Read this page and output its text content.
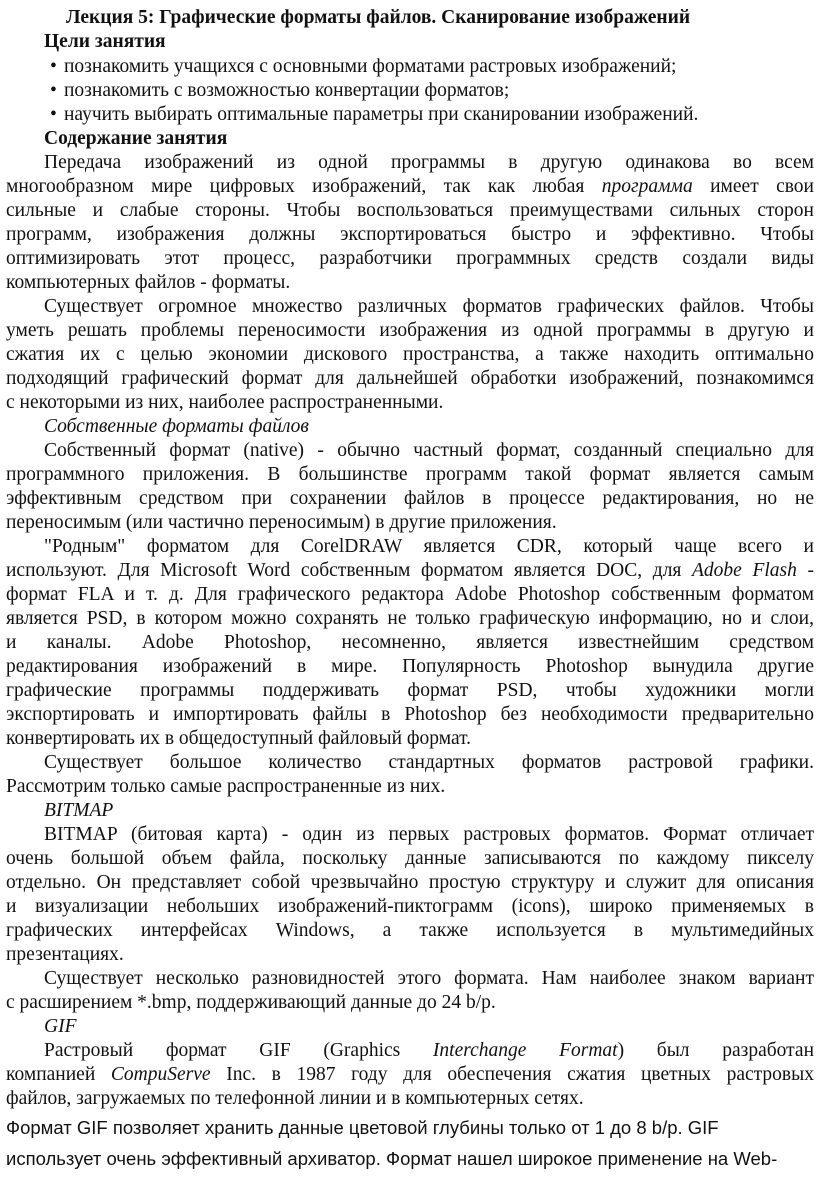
Лекция 5: Графические форматы файлов. Сканирование изображений
Цели занятия
• познакомить учащихся с основными форматами растровых изображений;
• познакомить с возможностью конвертации форматов;
• научить выбирать оптимальные параметры при сканировании изображений.
Содержание занятия
Передача изображений из одной программы в другую одинакова во всем
многообразном мире цифровых изображений, так как любая программа имеет свои
сильные и слабые стороны. Чтобы воспользоваться преимуществами сильных сторон
программ, изображения должны экспортироваться быстро и эффективно. Чтобы
оптимизировать этот процесс, разработчики программных средств создали виды
компьютерных файлов - форматы.
Существует огромное множество различных форматов графических файлов. Чтобы
уметь решать проблемы переносимости изображения из одной программы в другую и
сжатия их с целью экономии дискового пространства, а также находить оптимально
подходящий графический формат для дальнейшей обработки изображений, познакомимся
с некоторыми из них, наиболее распространенными.
Собственные форматы файлов
Собственный формат (native) - обычно частный формат, созданный специально для
программного приложения. В большинстве программ такой формат является самым
эффективным средством при сохранении файлов в процессе редактирования, но не
переносимым (или частично переносимым) в другие приложения.
"Родным" форматом для CorelDRAW является CDR, который чаще всего и
используют. Для Microsoft Word собственным форматом является DOC, для Adobe Flash -
формат FLA и т. д. Для графического редактора Adobe Photoshop собственным форматом
является PSD, в котором можно сохранять не только графическую информацию, но и слои,
и каналы. Adobe Photoshop, несомненно, является известнейшим средством
редактирования изображений в мире. Популярность Photoshop вынудила другие
графические программы поддерживать формат PSD, чтобы художники могли
экспортировать и импортировать файлы в Photoshop без необходимости предварительно
конвертировать их в общедоступный файловый формат.
Существует большое количество стандартных форматов растровой графики.
Рассмотрим только самые распространенные из них.
BITMAP
BITMAP (битовая карта) - один из первых растровых форматов. Формат отличает
очень большой объем файла, поскольку данные записываются по каждому пикселу
отдельно. Он представляет собой чрезвычайно простую структуру и служит для описания
и визуализации небольших изображений-пиктограмм (icons), широко применяемых в
графических интерфейсах Windows, а также используется в мультимедийных
презентациях.
Существует несколько разновидностей этого формата. Нам наиболее знаком вариант
с расширением *.bmp, поддерживающий данные до 24 b/p.
GIF
Растровый формат GIF (Graphics Interchange Format) был разработан
компанией CompuServe Inc. в 1987 году для обеспечения сжатия цветных растровых
файлов, загружаемых по телефонной линии и в компьютерных сетях.
Формат GIF позволяет хранить данные цветовой глубины только от 1 до 8 b/p. GIF
использует очень эффективный архиватор. Формат нашел широкое применение на Web-
